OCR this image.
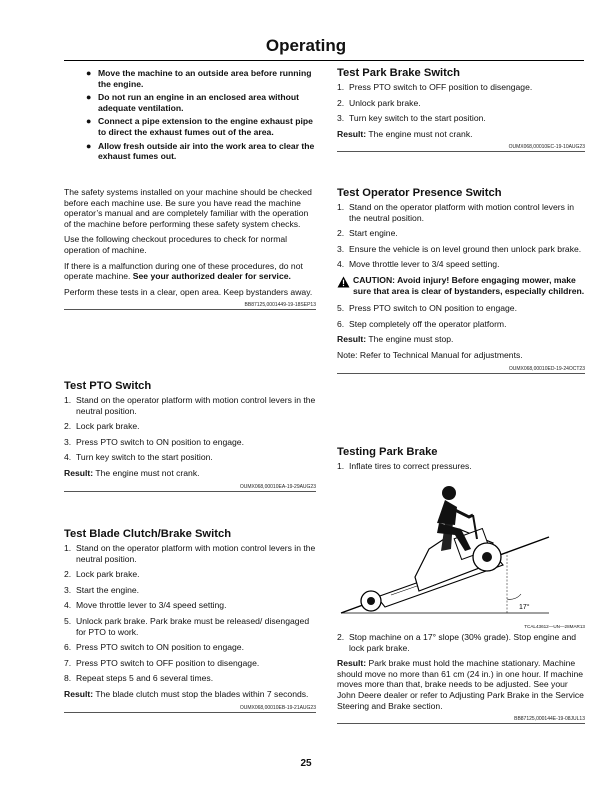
Operating
● Move the machine to an outside area before running the engine.
● Do not run an engine in an enclosed area without adequate ventilation.
● Connect a pipe extension to the engine exhaust pipe to direct the exhaust fumes out of the area.
● Allow fresh outside air into the work area to clear the exhaust fumes out.

The safety systems installed on your machine should be checked before each machine use. Be sure you have read the machine operator’s manual and are completely familiar with the operation of the machine before performing these safety system checks.

Use the following checkout procedures to check for normal operation of machine.

If there is a malfunction during one of these procedures, do not operate machine. See your authorized dealer for service.

Perform these tests in a clear, open area. Keep bystanders away.

BB87125,0001449-19-18SEP13
Test PTO Switch
1. Stand on the operator platform with motion control levers in the neutral position.
2. Lock park brake.
3. Press PTO switch to ON position to engage.
4. Turn key switch to the start position.

Result: The engine must not crank.

OUMX068,00010EA-19-29AUG23
Test Blade Clutch/Brake Switch
1. Stand on the operator platform with motion control levers in the neutral position.
2. Lock park brake.
3. Start the engine.
4. Move throttle lever to 3/4 speed setting.
5. Unlock park brake. Park brake must be released/ disengaged for PTO to work.
6. Press PTO switch to ON position to engage.
7. Press PTO switch to OFF position to disengage.
8. Repeat steps 5 and 6 several times.

Result: The blade clutch must stop the blades within 7 seconds.

OUMX068,00010EB-19-21AUG23
Test Park Brake Switch
1. Press PTO switch to OFF position to disengage.
2. Unlock park brake.
3. Turn key switch to the start position.

Result: The engine must not crank.

OUMX068,00010EC-19-10AUG23
Test Operator Presence Switch
1. Stand on the operator platform with motion control levers in the neutral position.
2. Start engine.
3. Ensure the vehicle is on level ground then unlock park brake.
4. Move throttle lever to 3/4 speed setting.
CAUTION: Avoid injury! Before engaging mower, make sure that area is clear of bystanders, especially children.
5. Press PTO switch to ON position to engage.
6. Step completely off the operator platform.

Result: The engine must stop.

Note: Refer to Technical Manual for adjustments.

OUMX068,00010ED-19-24OCT23
Testing Park Brake
1. Inflate tires to correct pressures.
17°
TCAL43612—UN—28MAR13
2. Stop machine on a 17° slope (30% grade). Stop engine and lock park brake.

Result: Park brake must hold the machine stationary. Machine should move no more than 61 cm (24 in.) in one hour. If machine moves more than that, brake needs to be adjusted. See your John Deere dealer or refer to Adjusting Park Brake in the Service Steering and Brake section.

BB87125,000144E-19-08JUL13
25
